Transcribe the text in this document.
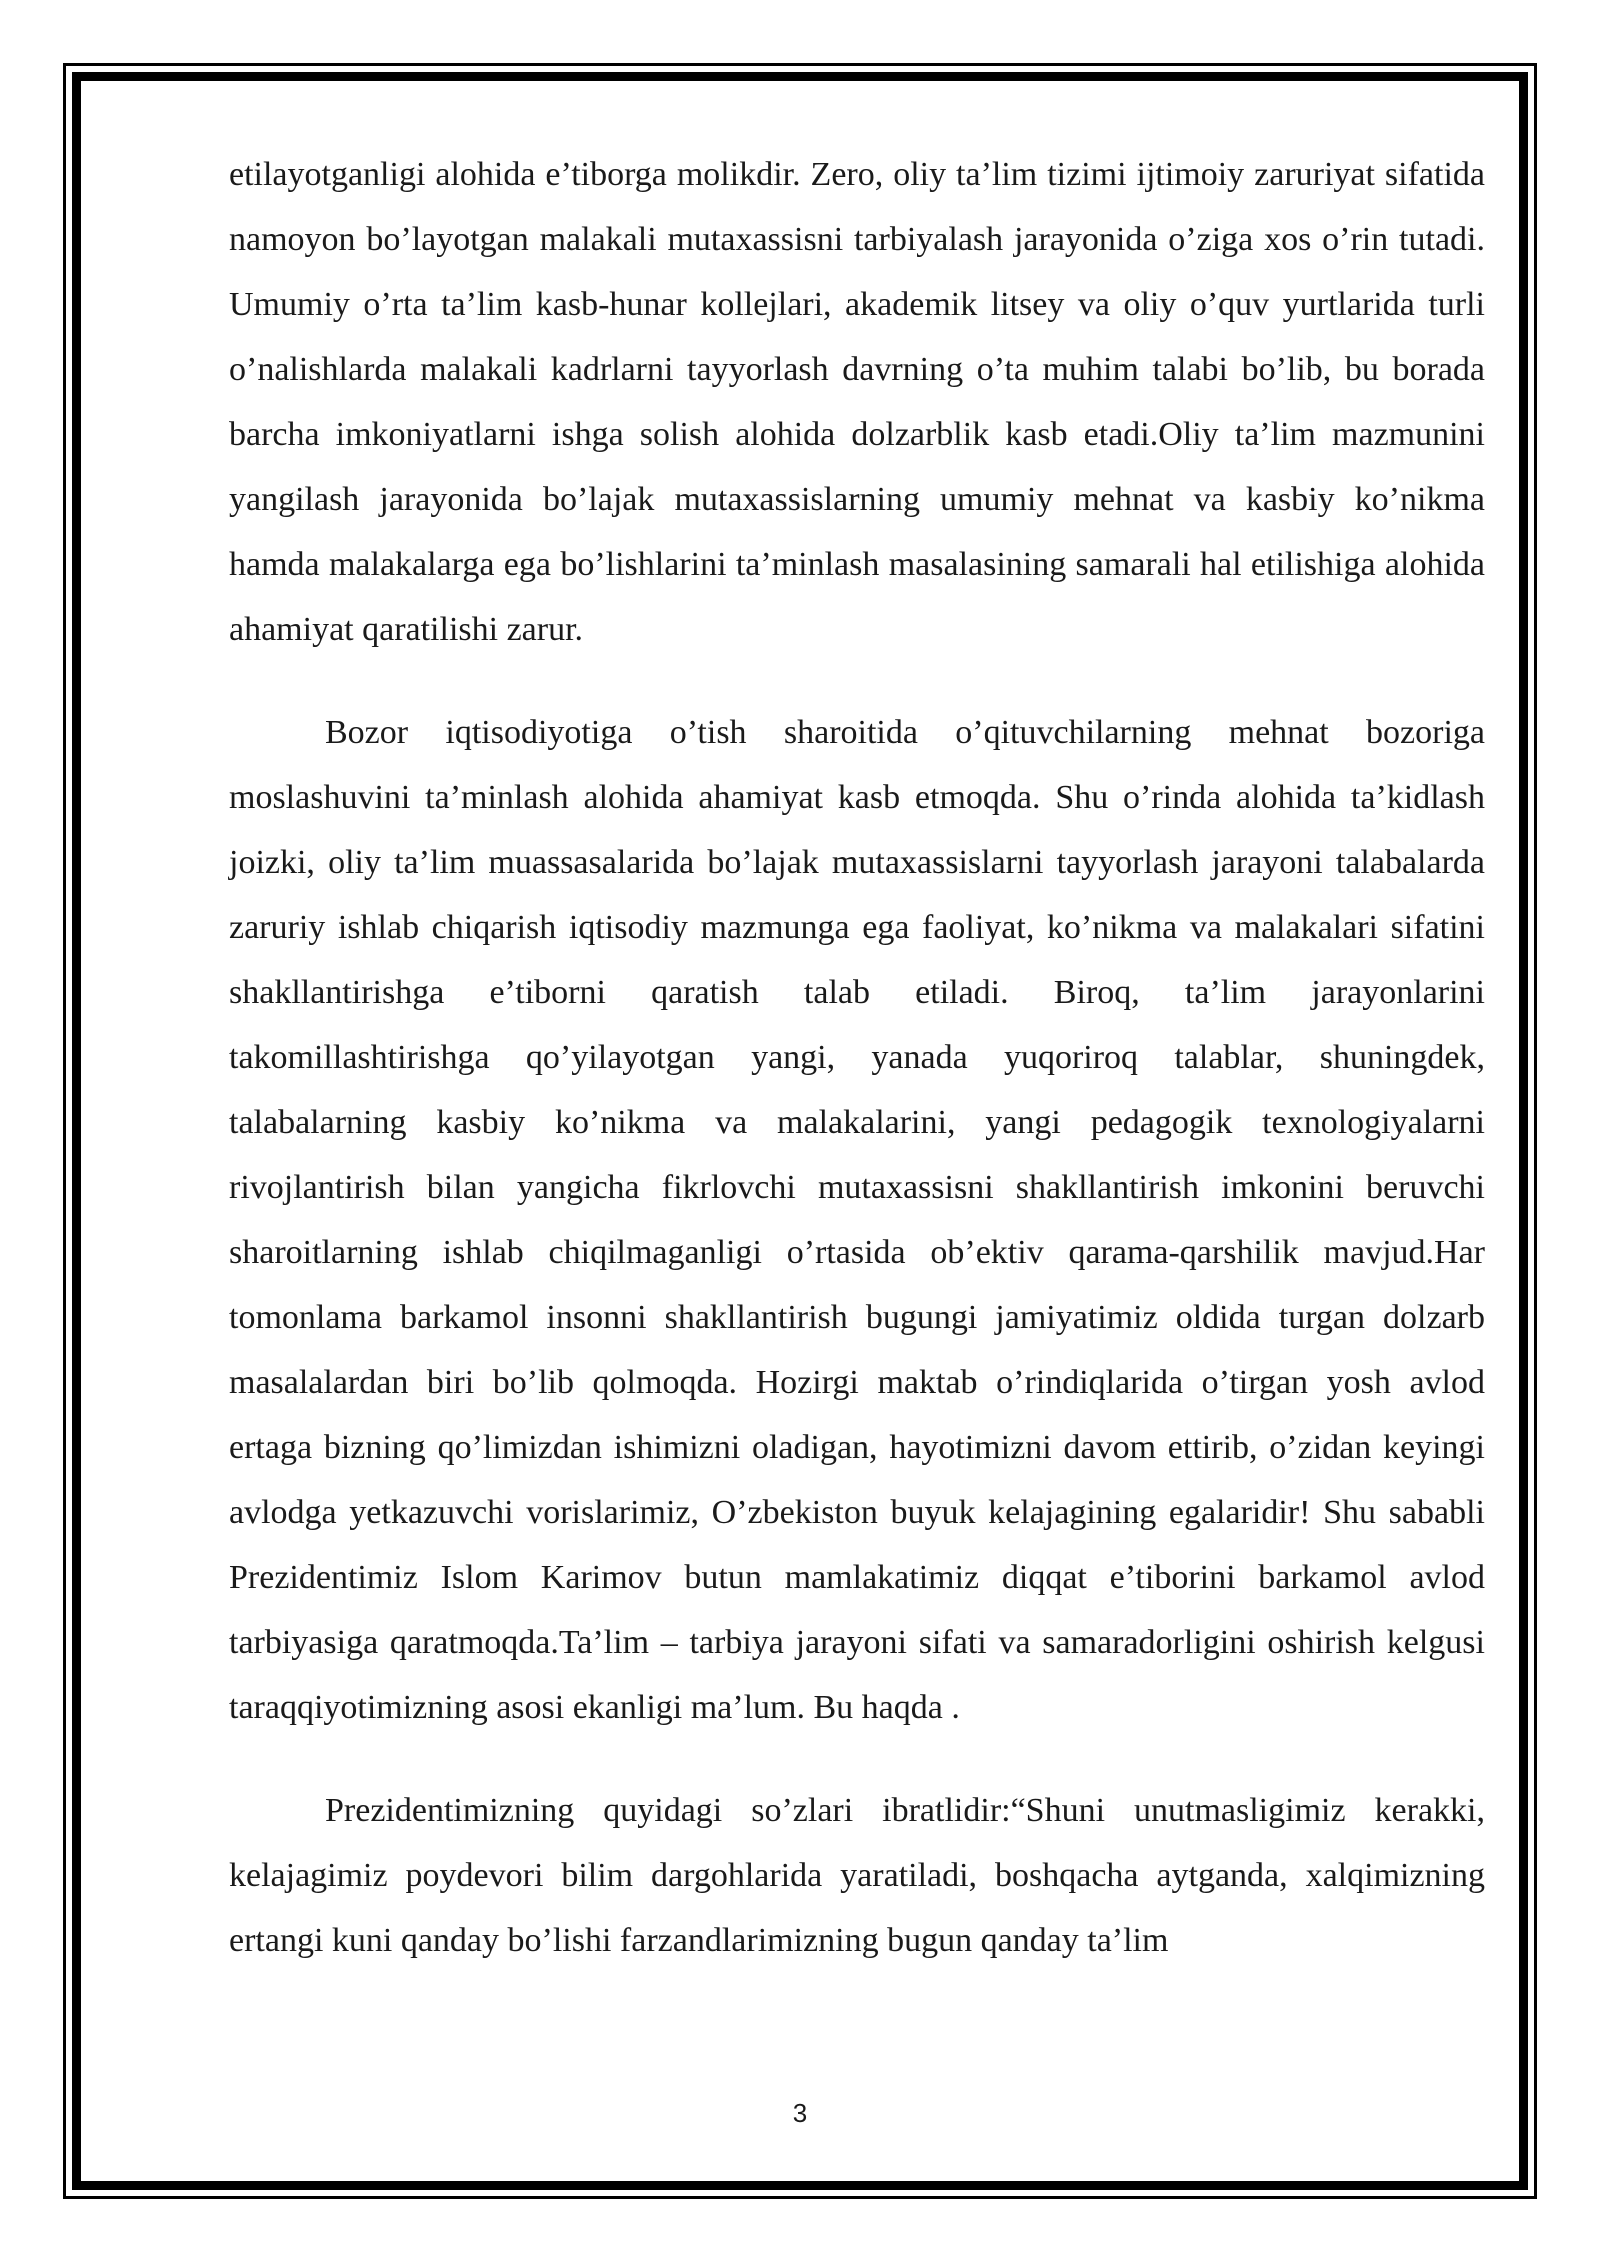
etilayotganligi alohida e’tiborga molikdir. Zero, oliy ta’lim tizimi ijtimoiy zaruriyat sifatida namoyon bo’layotgan malakali mutaxassisni tarbiyalash jarayonida o’ziga xos o’rin tutadi. Umumiy o’rta ta’lim kasb-hunar kollejlari, akademik litsey va oliy o’quv yurtlarida turli o’nalishlarda malakali kadrlarni tayyorlash davrning o’ta muhim talabi bo’lib, bu borada barcha imkoniyatlarni ishga solish alohida dolzarblik kasb etadi.Oliy ta’lim mazmunini yangilash jarayonida bo’lajak mutaxassislarning umumiy mehnat va kasbiy ko’nikma hamda malakalarga ega bo’lishlarini ta’minlash masalasining samarali hal etilishiga alohida ahamiyat qaratilishi zarur.

Bozor iqtisodiyotiga o’tish sharoitida o’qituvchilarning mehnat bozoriga moslashuvini ta’minlash alohida ahamiyat kasb etmoqda. Shu o’rinda alohida ta’kidlash joizki, oliy ta’lim muassasalarida bo’lajak mutaxassislarni tayyorlash jarayoni talabalarda zaruriy ishlab chiqarish iqtisodiy mazmunga ega faoliyat, ko’nikma va malakalari sifatini shakllantirishga e’tiborni qaratish talab etiladi. Biroq, ta’lim jarayonlarini takomillashtirishga qo’yilayotgan yangi, yanada yuqoriroq talablar, shuningdek, talabalarning kasbiy ko’nikma va malakalarini, yangi pedagogik texnologiyalarni rivojlantirish bilan yangicha fikrlovchi mutaxassisni shakllantirish imkonini beruvchi sharoitlarning ishlab chiqilmaganligi o’rtasida ob’ektiv qarama-qarshilik mavjud.Har tomonlama barkamol insonni shakllantirish bugungi jamiyatimiz oldida turgan dolzarb masalalardan biri bo’lib qolmoqda. Hozirgi maktab o’rindiqlarida o’tirgan yosh avlod ertaga bizning qo’limizdan ishimizni oladigan, hayotimizni davom ettirib, o’zidan keyingi avlodga yetkazuvchi vorislarimiz, O’zbekiston buyuk kelajagining egalaridir! Shu sababli Prezidentimiz Islom Karimov butun mamlakatimiz diqqat e’tiborini barkamol avlod tarbiyasiga qaratmoqda.Ta’lim – tarbiya jarayoni sifati va samaradorligini oshirish kelgusi taraqqiyotimizning asosi ekanligi ma’lum. Bu haqda .

Prezidentimizning quyidagi so’zlari ibratlidir:“Shuni unutmasligimiz kerakki, kelajagimiz poydevori bilim dargohlarida yaratiladi, boshqacha aytganda, xalqimizning ertangi kuni qanday bo’lishi farzandlarimizning bugun qanday ta’lim

3
